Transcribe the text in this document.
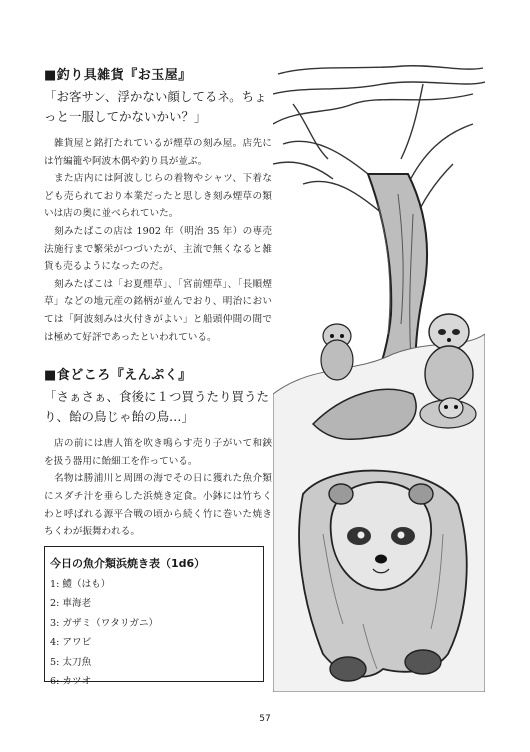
■釣り具雑貨『お玉屋』
「お客サン、浮かない顔してるネ。ちょっと一服してかないかい？」

雑貨屋と銘打たれているが煙草の刻み屋。店先には竹編籠や阿波木偶や釣り具が並ぶ。

また店内には阿波しじらの着物やシャツ、下着なども売られており本業だったと思しき刻み煙草の類いは店の奥に並べられていた。

刻みたばこの店は 1902 年（明治 35 年）の専売法施行まで繁栄がつづいたが、主流で無くなると雑貨も売るようになったのだ。

刻みたばこは「お夏煙草」、「宮前煙草」、「長順煙草」などの地元産の銘柄が並んでおり、明治においては「阿波刻みは火付きがよい」と船頭仲間の間では極めて好評であったといわれている。

■食どころ『えんぷく』
「さぁさぁ、食後に１つ買うたり買うたり、飴の鳥じゃ飴の鳥…」

店の前には唐人笛を吹き鳴らす売り子がいて和鋏を扱う器用に飴細工を作っている。

名物は勝浦川と周囲の海でその日に獲れた魚介類にスダチ汁を垂らした浜焼き定食。小鉢には竹ちくわと呼ばれる源平合戦の頃から続く竹に巻いた焼きちくわが振舞われる。

今日の魚介類浜焼き表（1d6）
1: 鱧（はも）
2: 車海老
3: ガザミ（ワタリガニ）
4: アワビ
5: 太刀魚
6: カツオ
57
